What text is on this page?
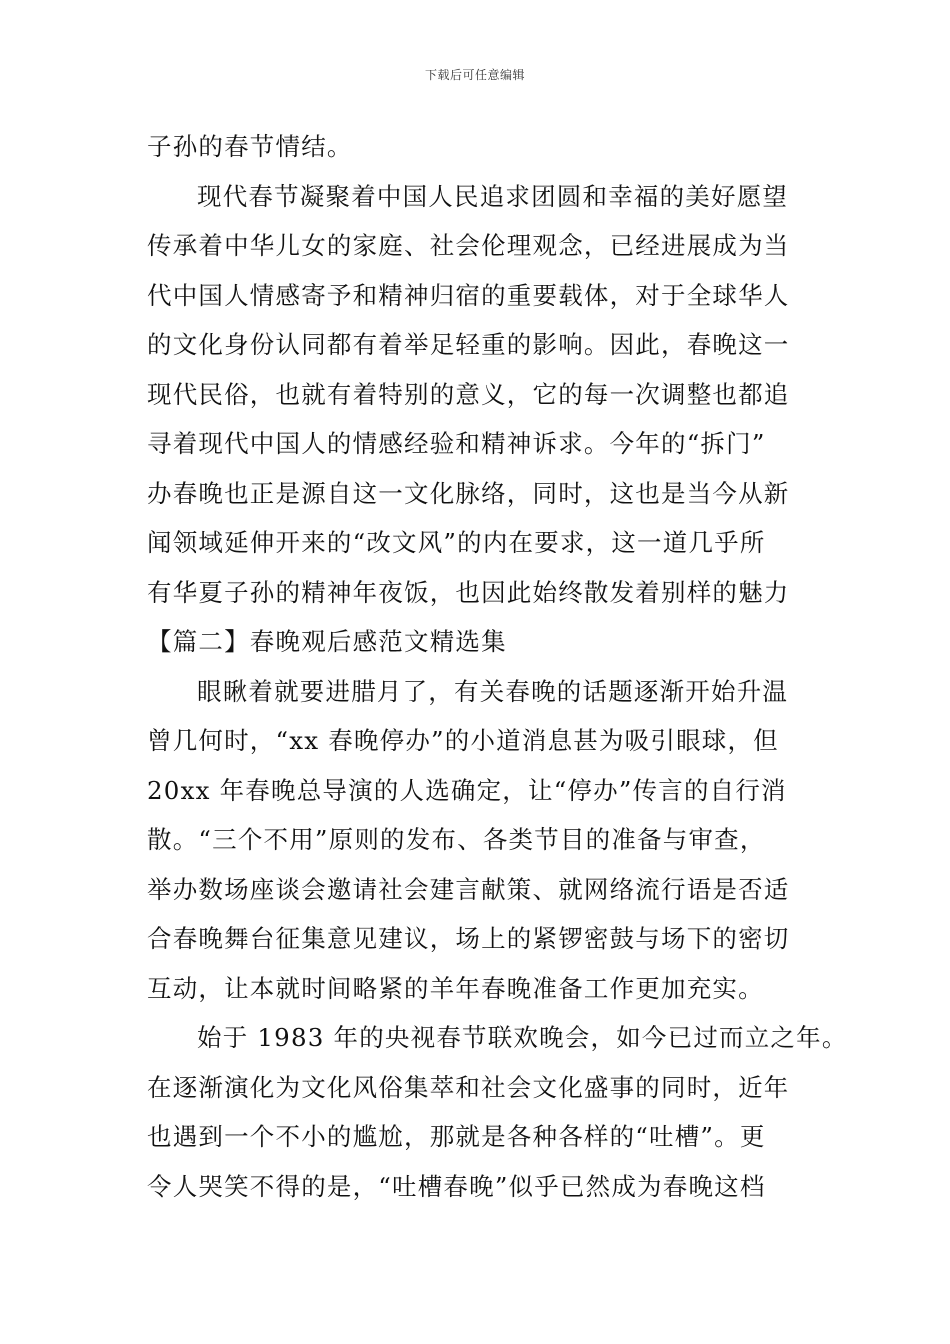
下载后可任意编辑
子孙的春节情结。
现代春节凝聚着中国人民追求团圆和幸福的美好愿望
传承着中华儿女的家庭、社会伦理观念，已经进展成为当
代中国人情感寄予和精神归宿的重要载体，对于全球华人
的文化身份认同都有着举足轻重的影响。因此，春晚这一
现代民俗，也就有着特别的意义，它的每一次调整也都追
寻着现代中国人的情感经验和精神诉求。今年的“拆门”
办春晚也正是源自这一文化脉络，同时，这也是当今从新
闻领域延伸开来的“改文风”的内在要求，这一道几乎所
有华夏子孙的精神年夜饭，也因此始终散发着别样的魅力
【篇二】春晚观后感范文精选集
眼瞅着就要进腊月了，有关春晚的话题逐渐开始升温
曾几何时，“xx 春晚停办”的小道消息甚为吸引眼球，但
20xx 年春晚总导演的人选确定，让“停办”传言的自行消
散。“三个不用”原则的发布、各类节目的准备与审查，
举办数场座谈会邀请社会建言献策、就网络流行语是否适
合春晚舞台征集意见建议，场上的紧锣密鼓与场下的密切
互动，让本就时间略紧的羊年春晚准备工作更加充实。
始于 1983 年的央视春节联欢晚会，如今已过而立之年。
在逐渐演化为文化风俗集萃和社会文化盛事的同时，近年
也遇到一个不小的尴尬，那就是各种各样的“吐槽”。更
令人哭笑不得的是，“吐槽春晚”似乎已然成为春晚这档
